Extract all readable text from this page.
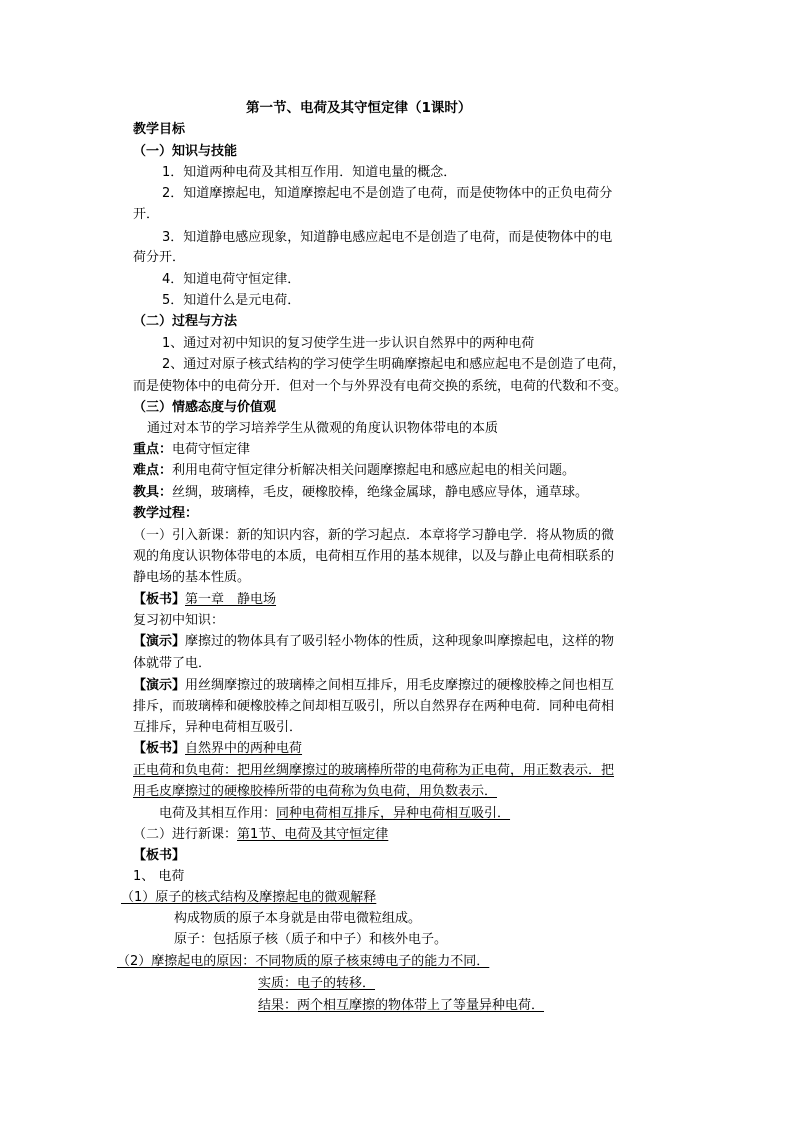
第一节、电荷及其守恒定律（1课时）
教学目标
（一）知识与技能
1．知道两种电荷及其相互作用．知道电量的概念．
2．知道摩擦起电，知道摩擦起电不是创造了电荷，而是使物体中的正负电荷分
开．
3．知道静电感应现象，知道静电感应起电不是创造了电荷，而是使物体中的电
荷分开．
4．知道电荷守恒定律．
5．知道什么是元电荷．
（二）过程与方法
1、通过对初中知识的复习使学生进一步认识自然界中的两种电荷
2、通过对原子核式结构的学习使学生明确摩擦起电和感应起电不是创造了电荷，
而是使物体中的电荷分开．但对一个与外界没有电荷交换的系统，电荷的代数和不变。
（三）情感态度与价值观
通过对本节的学习培养学生从微观的角度认识物体带电的本质
重点：电荷守恒定律
难点：利用电荷守恒定律分析解决相关问题摩擦起电和感应起电的相关问题。
教具：丝绸，玻璃棒，毛皮，硬橡胶棒，绝缘金属球，静电感应导体，通草球。
教学过程：
（一）引入新课：新的知识内容，新的学习起点．本章将学习静电学．将从物质的微
观的角度认识物体带电的本质，电荷相互作用的基本规律，以及与静止电荷相联系的
静电场的基本性质。
【板书】第一章　静电场
复习初中知识：
【演示】摩擦过的物体具有了吸引轻小物体的性质，这种现象叫摩擦起电，这样的物
体就带了电．
【演示】用丝绸摩擦过的玻璃棒之间相互排斥，用毛皮摩擦过的硬橡胶棒之间也相互
排斥，而玻璃棒和硬橡胶棒之间却相互吸引，所以自然界存在两种电荷．同种电荷相
互排斥，异种电荷相互吸引．
【板书】自然界中的两种电荷
正电荷和负电荷：把用丝绸摩擦过的玻璃棒所带的电荷称为正电荷，用正数表示．把
用毛皮摩擦过的硬橡胶棒所带的电荷称为负电荷，用负数表示．
电荷及其相互作用：同种电荷相互排斥，异种电荷相互吸引．
（二）进行新课：第1节、电荷及其守恒定律
【板书】
1、 电荷
（1）原子的核式结构及摩擦起电的微观解释
构成物质的原子本身就是由带电微粒组成。
原子：包括原子核（质子和中子）和核外电子。
（2）摩擦起电的原因：不同物质的原子核束缚电子的能力不同．
实质：电子的转移．
结果：两个相互摩擦的物体带上了等量异种电荷．
